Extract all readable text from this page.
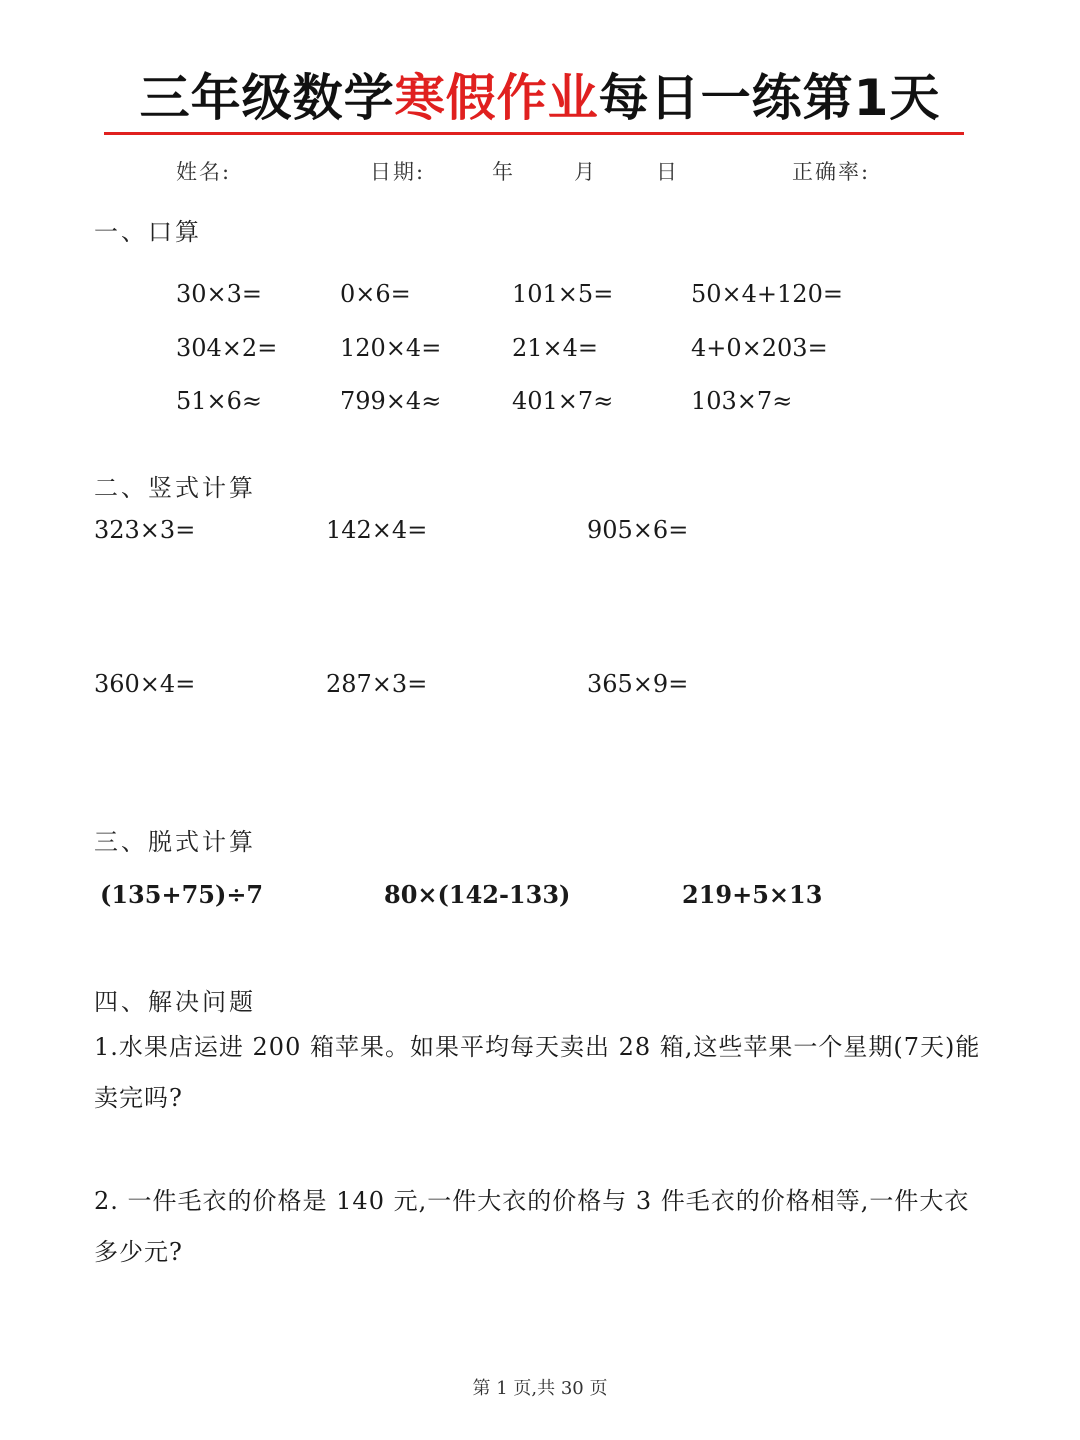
三年级数学寒假作业每日一练第1天
姓名:	日期:	年	月	日	正确率:
一、口算
30×3=	0×6=	101×5=	50×4+120=
304×2=	120×4=	21×4=	4+0×203=
51×6≈	799×4≈	401×7≈	103×7≈
二、竖式计算
323×3=	142×4=	905×6=
360×4=	287×3=	365×9=
三、脱式计算
(135+75)÷7	80×(142-133)	219+5×13
四、解决问题
1.水果店运进 200 箱苹果。如果平均每天卖出 28 箱,这些苹果一个星期(7天)能卖完吗?
2. 一件毛衣的价格是 140 元,一件大衣的价格与 3 件毛衣的价格相等,一件大衣多少元?
第 1 页,共 30 页
